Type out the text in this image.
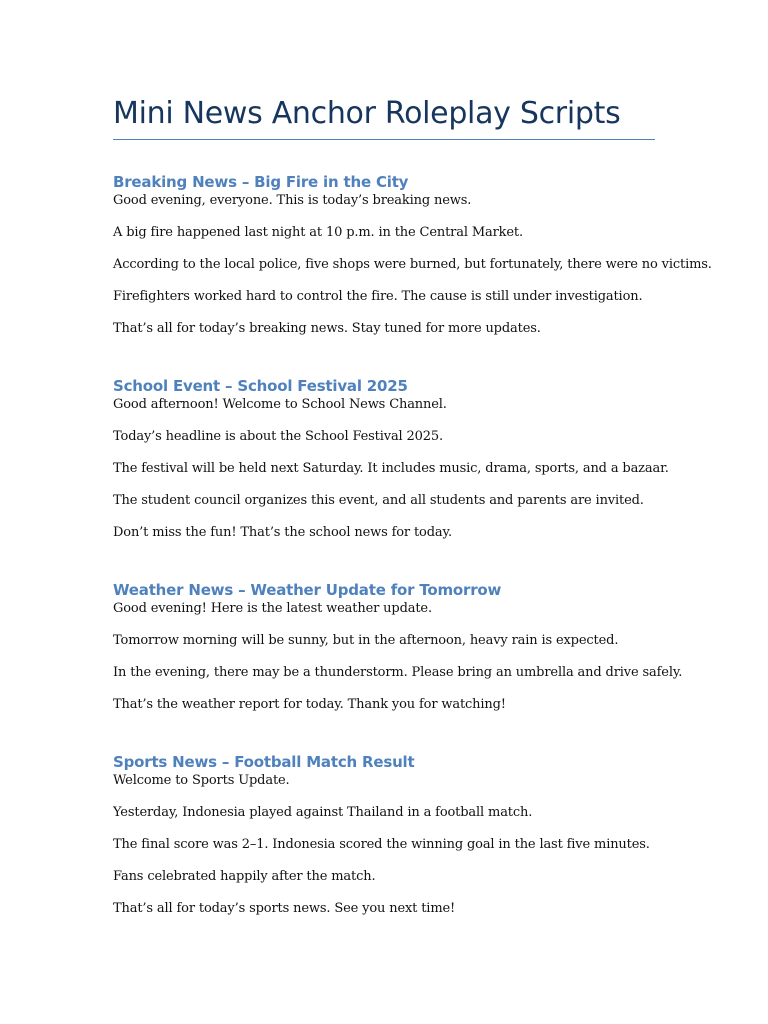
Mini News Anchor Roleplay Scripts
Breaking News – Big Fire in the City

Good evening, everyone. This is today’s breaking news.

A big fire happened last night at 10 p.m. in the Central Market.

According to the local police, five shops were burned, but fortunately, there were no victims.

Firefighters worked hard to control the fire. The cause is still under investigation.

That’s all for today’s breaking news. Stay tuned for more updates.

School Event – School Festival 2025

Good afternoon! Welcome to School News Channel.

Today’s headline is about the School Festival 2025.

The festival will be held next Saturday. It includes music, drama, sports, and a bazaar.

The student council organizes this event, and all students and parents are invited.

Don’t miss the fun! That’s the school news for today.

Weather News – Weather Update for Tomorrow

Good evening! Here is the latest weather update.

Tomorrow morning will be sunny, but in the afternoon, heavy rain is expected.

In the evening, there may be a thunderstorm. Please bring an umbrella and drive safely.

That’s the weather report for today. Thank you for watching!

Sports News – Football Match Result

Welcome to Sports Update.

Yesterday, Indonesia played against Thailand in a football match.

The final score was 2–1. Indonesia scored the winning goal in the last five minutes.

Fans celebrated happily after the match.

That’s all for today’s sports news. See you next time!
